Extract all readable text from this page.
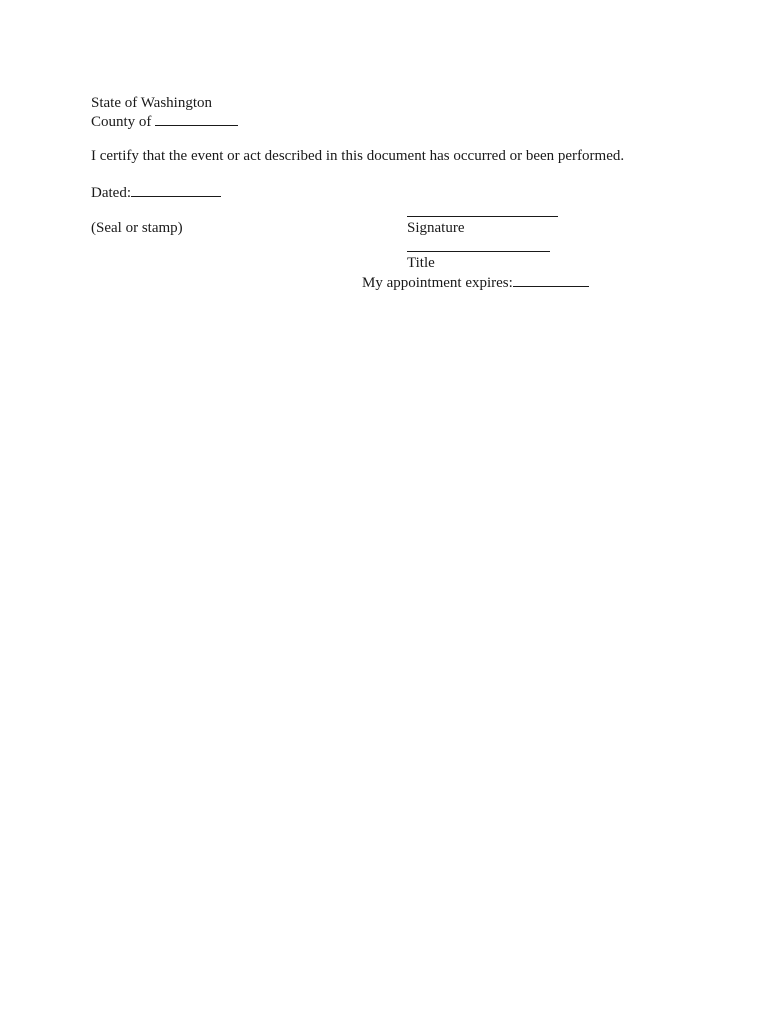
State of Washington
County of
I certify that the event or act described in this document has occurred or been performed.
Dated:
(Seal or stamp)	Signature
Title
My appointment expires:
